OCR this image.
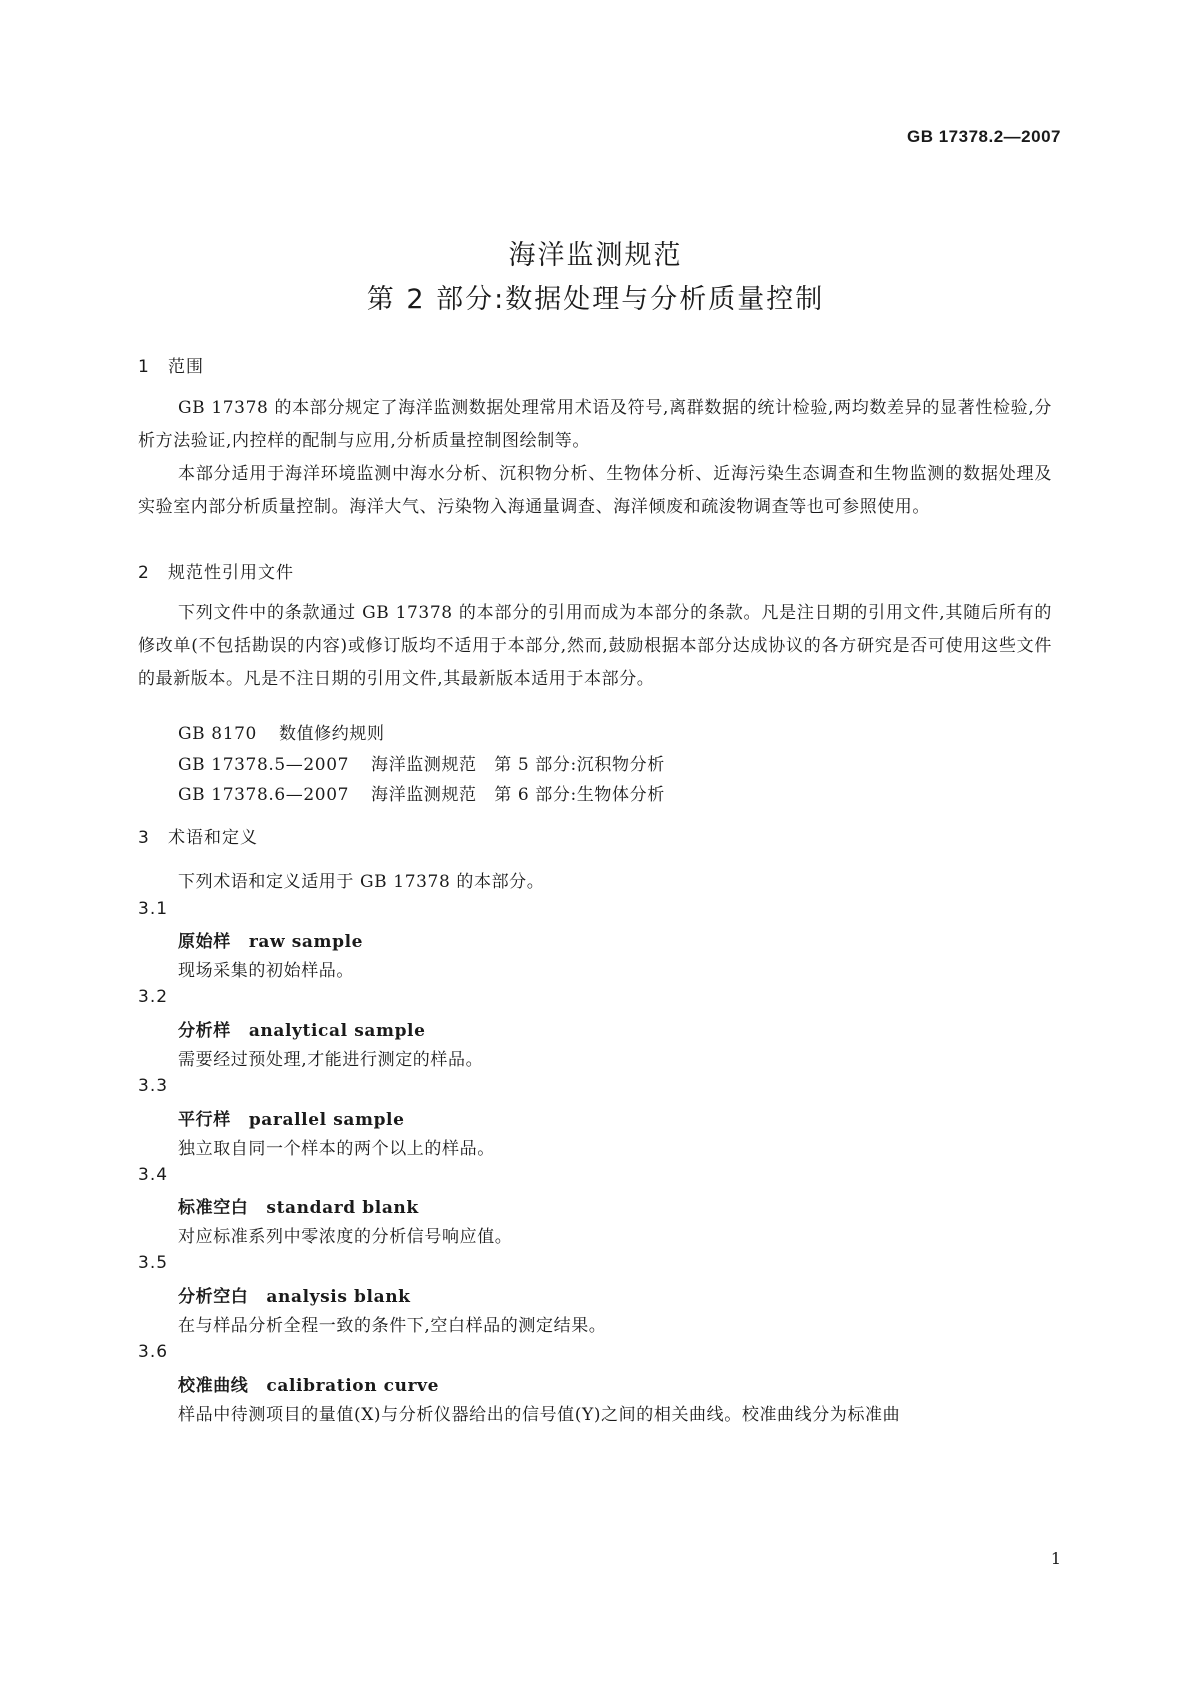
GB 17378.2—2007
海洋监测规范
第 2 部分:数据处理与分析质量控制
1 范围
GB 17378 的本部分规定了海洋监测数据处理常用术语及符号,离群数据的统计检验,两均数差异的显著性检验,分析方法验证,内控样的配制与应用,分析质量控制图绘制等。
本部分适用于海洋环境监测中海水分析、沉积物分析、生物体分析、近海污染生态调查和生物监测的数据处理及实验室内部分析质量控制。海洋大气、污染物入海通量调查、海洋倾废和疏浚物调查等也可参照使用。
2 规范性引用文件
下列文件中的条款通过 GB 17378 的本部分的引用而成为本部分的条款。凡是注日期的引用文件,其随后所有的修改单(不包括勘误的内容)或修订版均不适用于本部分,然而,鼓励根据本部分达成协议的各方研究是否可使用这些文件的最新版本。凡是不注日期的引用文件,其最新版本适用于本部分。
GB 8170 数值修约规则
GB 17378.5—2007 海洋监测规范　第 5 部分:沉积物分析
GB 17378.6—2007 海洋监测规范　第 6 部分:生物体分析
3 术语和定义
下列术语和定义适用于 GB 17378 的本部分。
3.1
原始样 raw sample
现场采集的初始样品。
3.2
分析样 analytical sample
需要经过预处理,才能进行测定的样品。
3.3
平行样 parallel sample
独立取自同一个样本的两个以上的样品。
3.4
标准空白 standard blank
对应标准系列中零浓度的分析信号响应值。
3.5
分析空白 analysis blank
在与样品分析全程一致的条件下,空白样品的测定结果。
3.6
校准曲线 calibration curve
样品中待测项目的量值(X)与分析仪器给出的信号值(Y)之间的相关曲线。校准曲线分为标准曲
1
